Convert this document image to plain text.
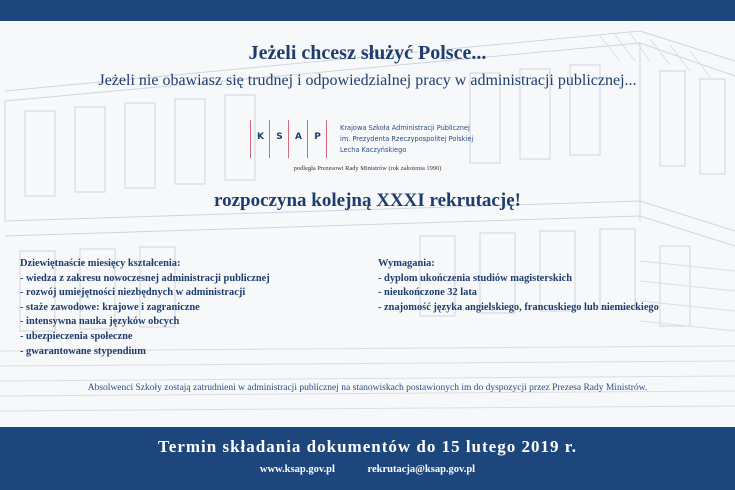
Jeżeli chcesz służyć Polsce...
Jeżeli nie obawiasz się trudnej i odpowiedzialnej pracy w administracji publicznej...
K	S	A	P
Krajowa Szkoła Administracji Publicznej
im. Prezydenta Rzeczypospolitej Polskiej
Lecha Kaczyńskiego
podległa Prezesowi Rady Ministrów (rok założenia 1990)
rozpoczyna kolejną XXXI rekrutację!
Dziewiętnaście miesięcy kształcenia:
- wiedza z zakresu nowoczesnej administracji publicznej
- rozwój umiejętności niezbędnych w administracji
- staże zawodowe: krajowe i zagraniczne
- intensywna nauka języków obcych
- ubezpieczenia społeczne
- gwarantowane stypendium
Wymagania:
- dyplom ukończenia studiów magisterskich
- nieukończone 32 lata
- znajomość języka angielskiego, francuskiego lub niemieckiego
Absolwenci Szkoły zostają zatrudnieni w administracji publicznej na stanowiskach postawionych im do dyspozycji przez Prezesa Rady Ministrów.
Termin składania dokumentów do 15 lutego 2019 r.
www.ksap.gov.pl	rekrutacja@ksap.gov.pl
